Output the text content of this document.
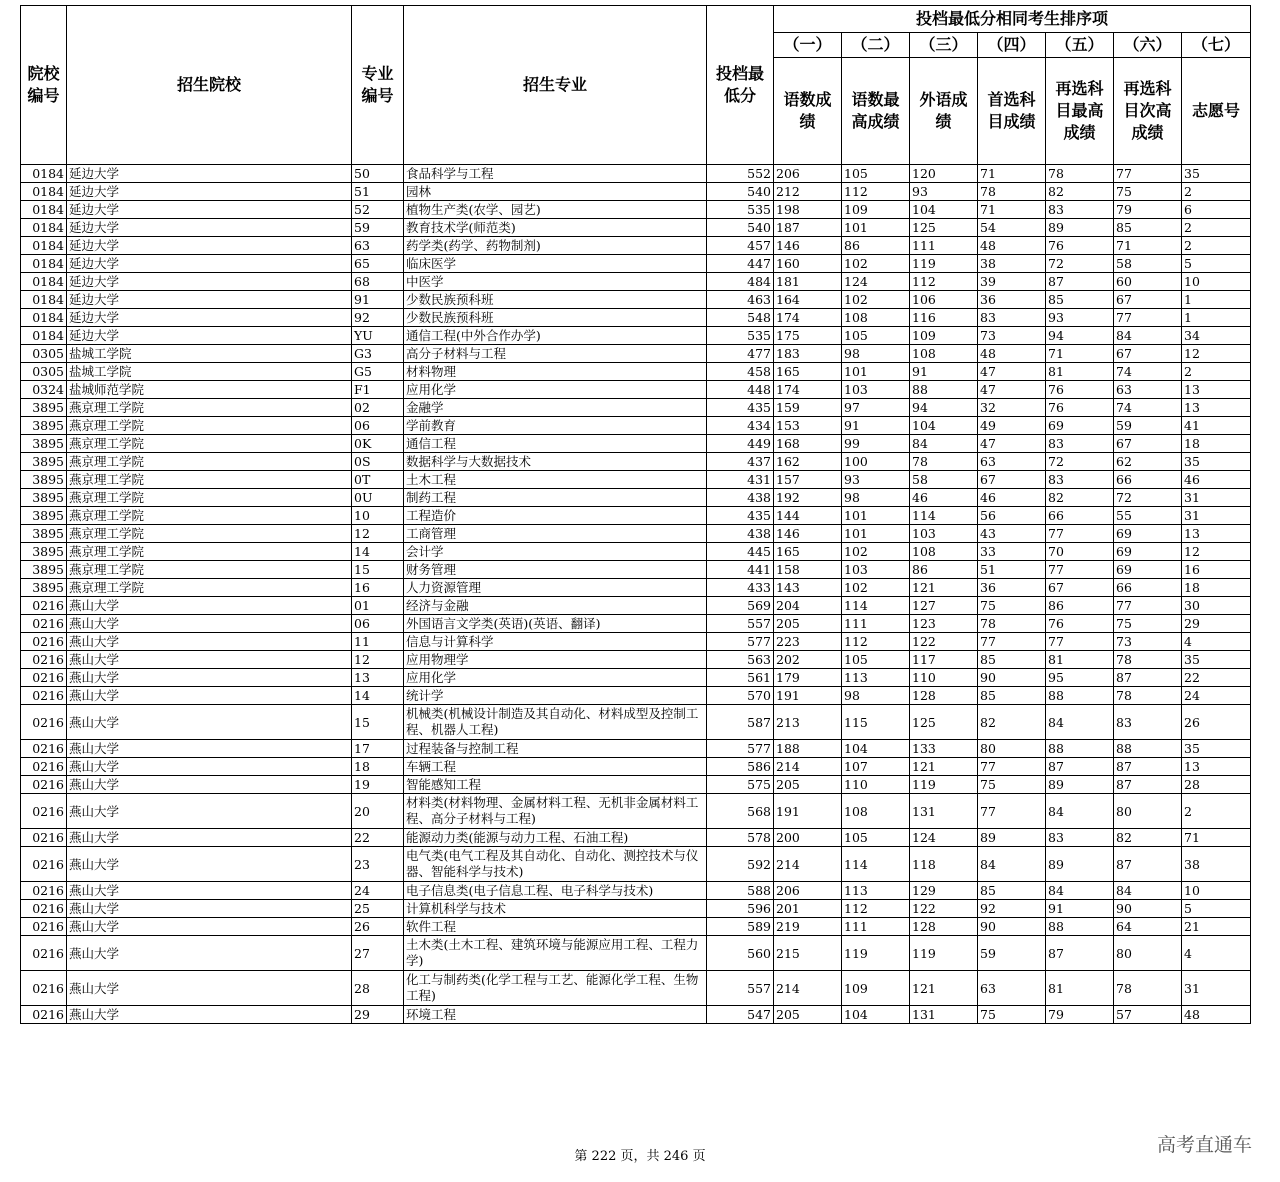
院校编号	招生院校	专业编号	招生专业	投档最低分	投档最低分相同考生排序项						
					（一）	（二）	（三）	（四）	（五）	（六）	（七）
					语数成绩	语数最高成绩	外语成绩	首选科目成绩	再选科目最高成绩	再选科目次高成绩	志愿号
0184	延边大学	50	食品科学与工程	552	206	105	120	71	78	77	35
0184	延边大学	51	园林	540	212	112	93	78	82	75	2
0184	延边大学	52	植物生产类(农学、园艺)	535	198	109	104	71	83	79	6
0184	延边大学	59	教育技术学(师范类)	540	187	101	125	54	89	85	2
0184	延边大学	63	药学类(药学、药物制剂)	457	146	86	111	48	76	71	2
0184	延边大学	65	临床医学	447	160	102	119	38	72	58	5
0184	延边大学	68	中医学	484	181	124	112	39	87	60	10
0184	延边大学	91	少数民族预科班	463	164	102	106	36	85	67	1
0184	延边大学	92	少数民族预科班	548	174	108	116	83	93	77	1
0184	延边大学	YU	通信工程(中外合作办学)	535	175	105	109	73	94	84	34
0305	盐城工学院	G3	高分子材料与工程	477	183	98	108	48	71	67	12
0305	盐城工学院	G5	材料物理	458	165	101	91	47	81	74	2
0324	盐城师范学院	F1	应用化学	448	174	103	88	47	76	63	13
3895	燕京理工学院	02	金融学	435	159	97	94	32	76	74	13
3895	燕京理工学院	06	学前教育	434	153	91	104	49	69	59	41
3895	燕京理工学院	0K	通信工程	449	168	99	84	47	83	67	18
3895	燕京理工学院	0S	数据科学与大数据技术	437	162	100	78	63	72	62	35
3895	燕京理工学院	0T	土木工程	431	157	93	58	67	83	66	46
3895	燕京理工学院	0U	制药工程	438	192	98	46	46	82	72	31
3895	燕京理工学院	10	工程造价	435	144	101	114	56	66	55	31
3895	燕京理工学院	12	工商管理	438	146	101	103	43	77	69	13
3895	燕京理工学院	14	会计学	445	165	102	108	33	70	69	12
3895	燕京理工学院	15	财务管理	441	158	103	86	51	77	69	16
3895	燕京理工学院	16	人力资源管理	433	143	102	121	36	67	66	18
0216	燕山大学	01	经济与金融	569	204	114	127	75	86	77	30
0216	燕山大学	06	外国语言文学类(英语)(英语、翻译)	557	205	111	123	78	76	75	29
0216	燕山大学	11	信息与计算科学	577	223	112	122	77	77	73	4
0216	燕山大学	12	应用物理学	563	202	105	117	85	81	78	35
0216	燕山大学	13	应用化学	561	179	113	110	90	95	87	22
0216	燕山大学	14	统计学	570	191	98	128	85	88	78	24
0216	燕山大学	15	机械类(机械设计制造及其自动化、材料成型及控制工程、机器人工程)	587	213	115	125	82	84	83	26
0216	燕山大学	17	过程装备与控制工程	577	188	104	133	80	88	88	35
0216	燕山大学	18	车辆工程	586	214	107	121	77	87	87	13
0216	燕山大学	19	智能感知工程	575	205	110	119	75	89	87	28
0216	燕山大学	20	材料类(材料物理、金属材料工程、无机非金属材料工程、高分子材料与工程)	568	191	108	131	77	84	80	2
0216	燕山大学	22	能源动力类(能源与动力工程、石油工程)	578	200	105	124	89	83	82	71
0216	燕山大学	23	电气类(电气工程及其自动化、自动化、测控技术与仪器、智能科学与技术)	592	214	114	118	84	89	87	38
0216	燕山大学	24	电子信息类(电子信息工程、电子科学与技术)	588	206	113	129	85	84	84	10
0216	燕山大学	25	计算机科学与技术	596	201	112	122	92	91	90	5
0216	燕山大学	26	软件工程	589	219	111	128	90	88	64	21
0216	燕山大学	27	土木类(土木工程、建筑环境与能源应用工程、工程力学)	560	215	119	119	59	87	80	4
0216	燕山大学	28	化工与制药类(化学工程与工艺、能源化学工程、生物工程)	557	214	109	121	63	81	78	31
0216	燕山大学	29	环境工程	547	205	104	131	75	79	57	48
第 222 页，共 246 页
高考直通车
